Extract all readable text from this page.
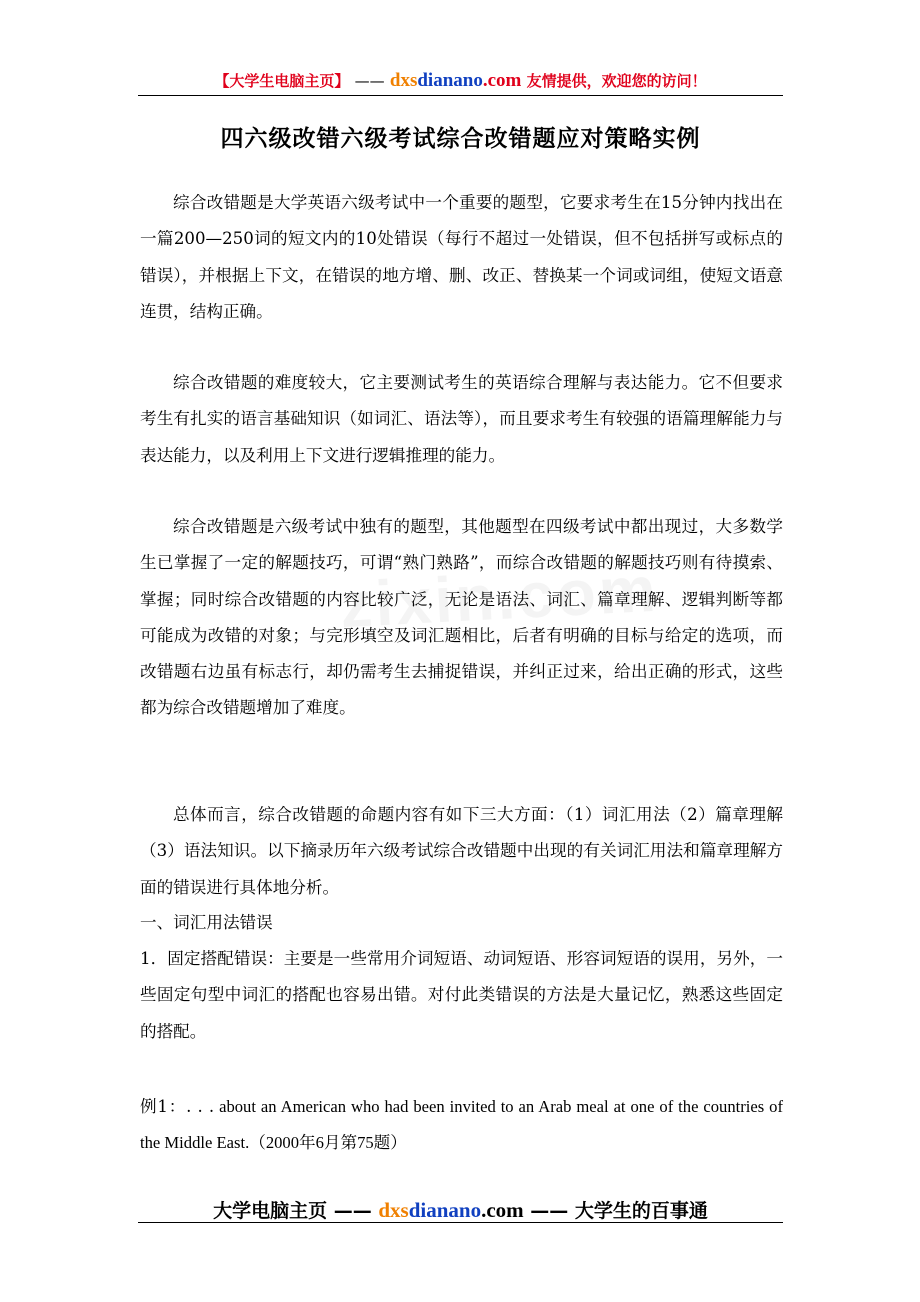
【大学生电脑主页】 —— dxsdianano.com 友情提供，欢迎您的访问！
四六级改错六级考试综合改错题应对策略实例

综合改错题是大学英语六级考试中一个重要的题型，它要求考生在15分钟内找出在一篇200—250词的短文内的10处错误（每行不超过一处错误，但不包括拼写或标点的错误），并根据上下文，在错误的地方增、删、改正、替换某一个词或词组，使短文语意连贯，结构正确。

综合改错题的难度较大，它主要测试考生的英语综合理解与表达能力。它不但要求考生有扎实的语言基础知识（如词汇、语法等），而且要求考生有较强的语篇理解能力与表达能力，以及利用上下文进行逻辑推理的能力。

综合改错题是六级考试中独有的题型，其他题型在四级考试中都出现过，大多数学生已掌握了一定的解题技巧，可谓“熟门熟路”，而综合改错题的解题技巧则有待摸索、掌握；同时综合改错题的内容比较广泛，无论是语法、词汇、篇章理解、逻辑判断等都可能成为改错的对象；与完形填空及词汇题相比，后者有明确的目标与给定的选项，而改错题右边虽有标志行，却仍需考生去捕捉错误，并纠正过来，给出正确的形式，这些都为综合改错题增加了难度。

总体而言，综合改错题的命题内容有如下三大方面：（1）词汇用法（2）篇章理解（3）语法知识。以下摘录历年六级考试综合改错题中出现的有关词汇用法和篇章理解方面的错误进行具体地分析。

一、词汇用法错误

1．固定搭配错误：主要是一些常用介词短语、动词短语、形容词短语的误用，另外，一些固定句型中词汇的搭配也容易出错。对付此类错误的方法是大量记忆，熟悉这些固定的搭配。

例1：. . . about an American who had been invited to an Arab meal at one of the countries of the Middle East.（2000年6月第75题）

大学电脑主页 —— dxsdianano.com —— 大学生的百事通
